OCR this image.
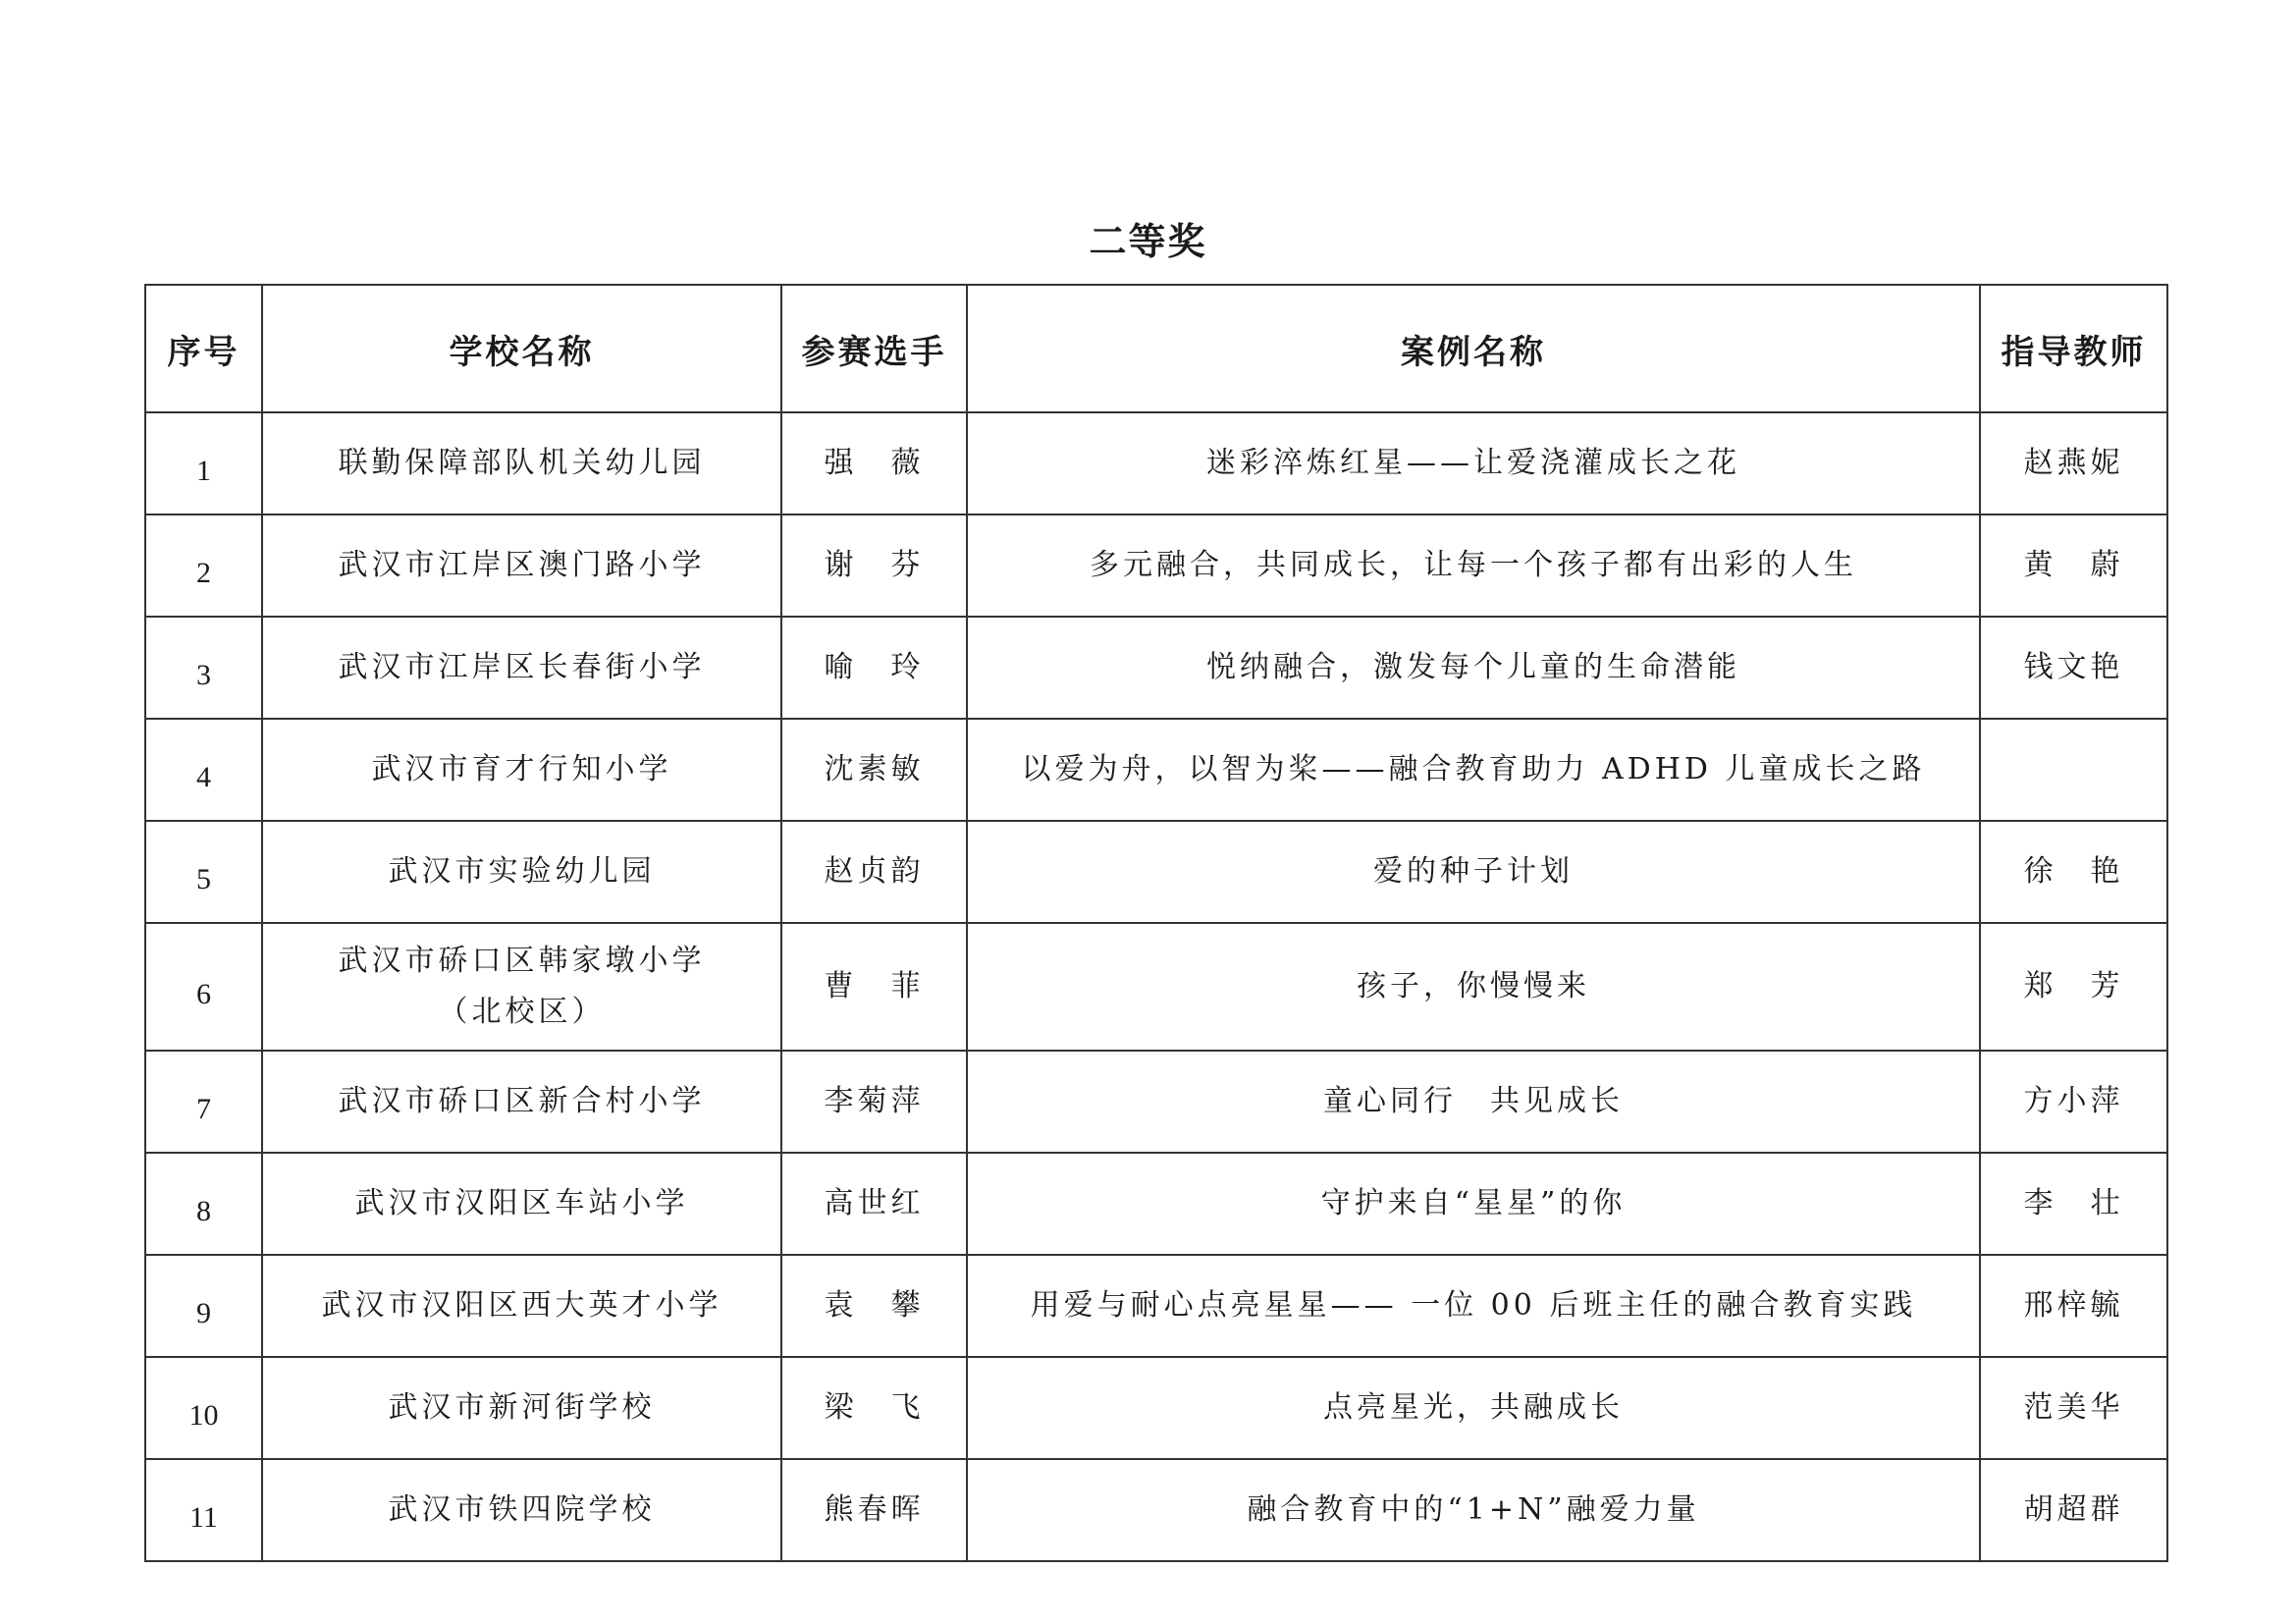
二等奖
序号	学校名称	参赛选手	案例名称	指导教师
1	联勤保障部队机关幼儿园	强　薇	迷彩淬炼红星——让爱浇灌成长之花	赵燕妮
2	武汉市江岸区澳门路小学	谢　芬	多元融合，共同成长，让每一个孩子都有出彩的人生	黄　蔚
3	武汉市江岸区长春街小学	喻　玲	悦纳融合，激发每个儿童的生命潜能	钱文艳
4	武汉市育才行知小学	沈素敏	以爱为舟，以智为桨——融合教育助力 ADHD 儿童成长之路	
5	武汉市实验幼儿园	赵贞韵	爱的种子计划	徐　艳
6	武汉市硚口区韩家墩小学
（北校区）	曹　菲	孩子，你慢慢来	郑　芳
7	武汉市硚口区新合村小学	李菊萍	童心同行　共见成长	方小萍
8	武汉市汉阳区车站小学	高世红	守护来自“星星”的你	李　壮
9	武汉市汉阳区西大英才小学	袁　攀	用爱与耐心点亮星星—— 一位 00 后班主任的融合教育实践	邢梓毓
10	武汉市新河街学校	梁　飞	点亮星光，共融成长	范美华
11	武汉市铁四院学校	熊春晖	融合教育中的“1+N”融爱力量	胡超群
